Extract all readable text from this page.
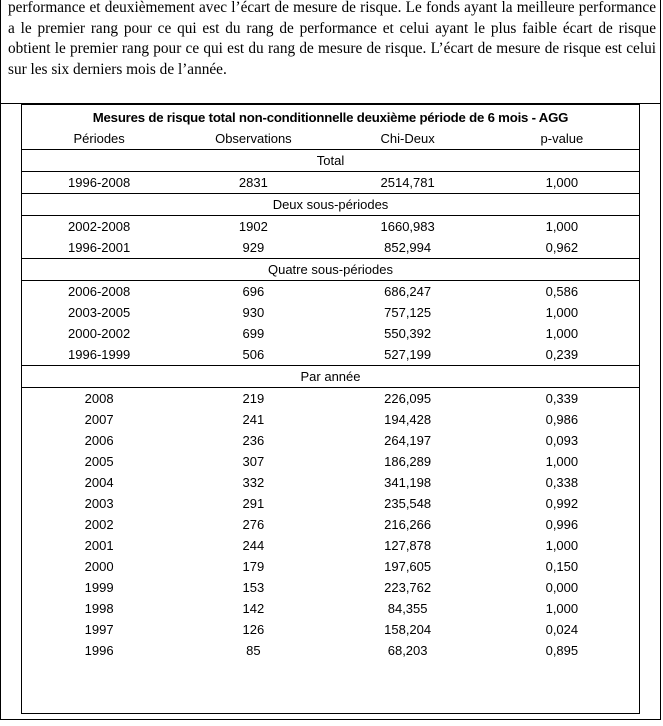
performance et deuxièmement avec l’écart de mesure de risque. Le fonds ayant la meilleure performance a le premier rang pour ce qui est du rang de performance et celui ayant le plus faible écart de risque obtient le premier rang pour ce qui est du rang de mesure de risque. L’écart de mesure de risque est celui sur les six derniers mois de l’année.

Mesures de risque total non-conditionnelle deuxième période de 6 mois - AGG			
Périodes	Observations	Chi-Deux	p-value
Total			
1996-2008	2831	2514,781	1,000
Deux sous-périodes			
2002-2008	1902	1660,983	1,000
1996-2001	929	852,994	0,962
Quatre sous-périodes			
2006-2008	696	686,247	0,586
2003-2005	930	757,125	1,000
2000-2002	699	550,392	1,000
1996-1999	506	527,199	0,239
Par année			
2008	219	226,095	0,339
2007	241	194,428	0,986
2006	236	264,197	0,093
2005	307	186,289	1,000
2004	332	341,198	0,338
2003	291	235,548	0,992
2002	276	216,266	0,996
2001	244	127,878	1,000
2000	179	197,605	0,150
1999	153	223,762	0,000
1998	142	84,355	1,000
1997	126	158,204	0,024
1996	85	68,203	0,895
